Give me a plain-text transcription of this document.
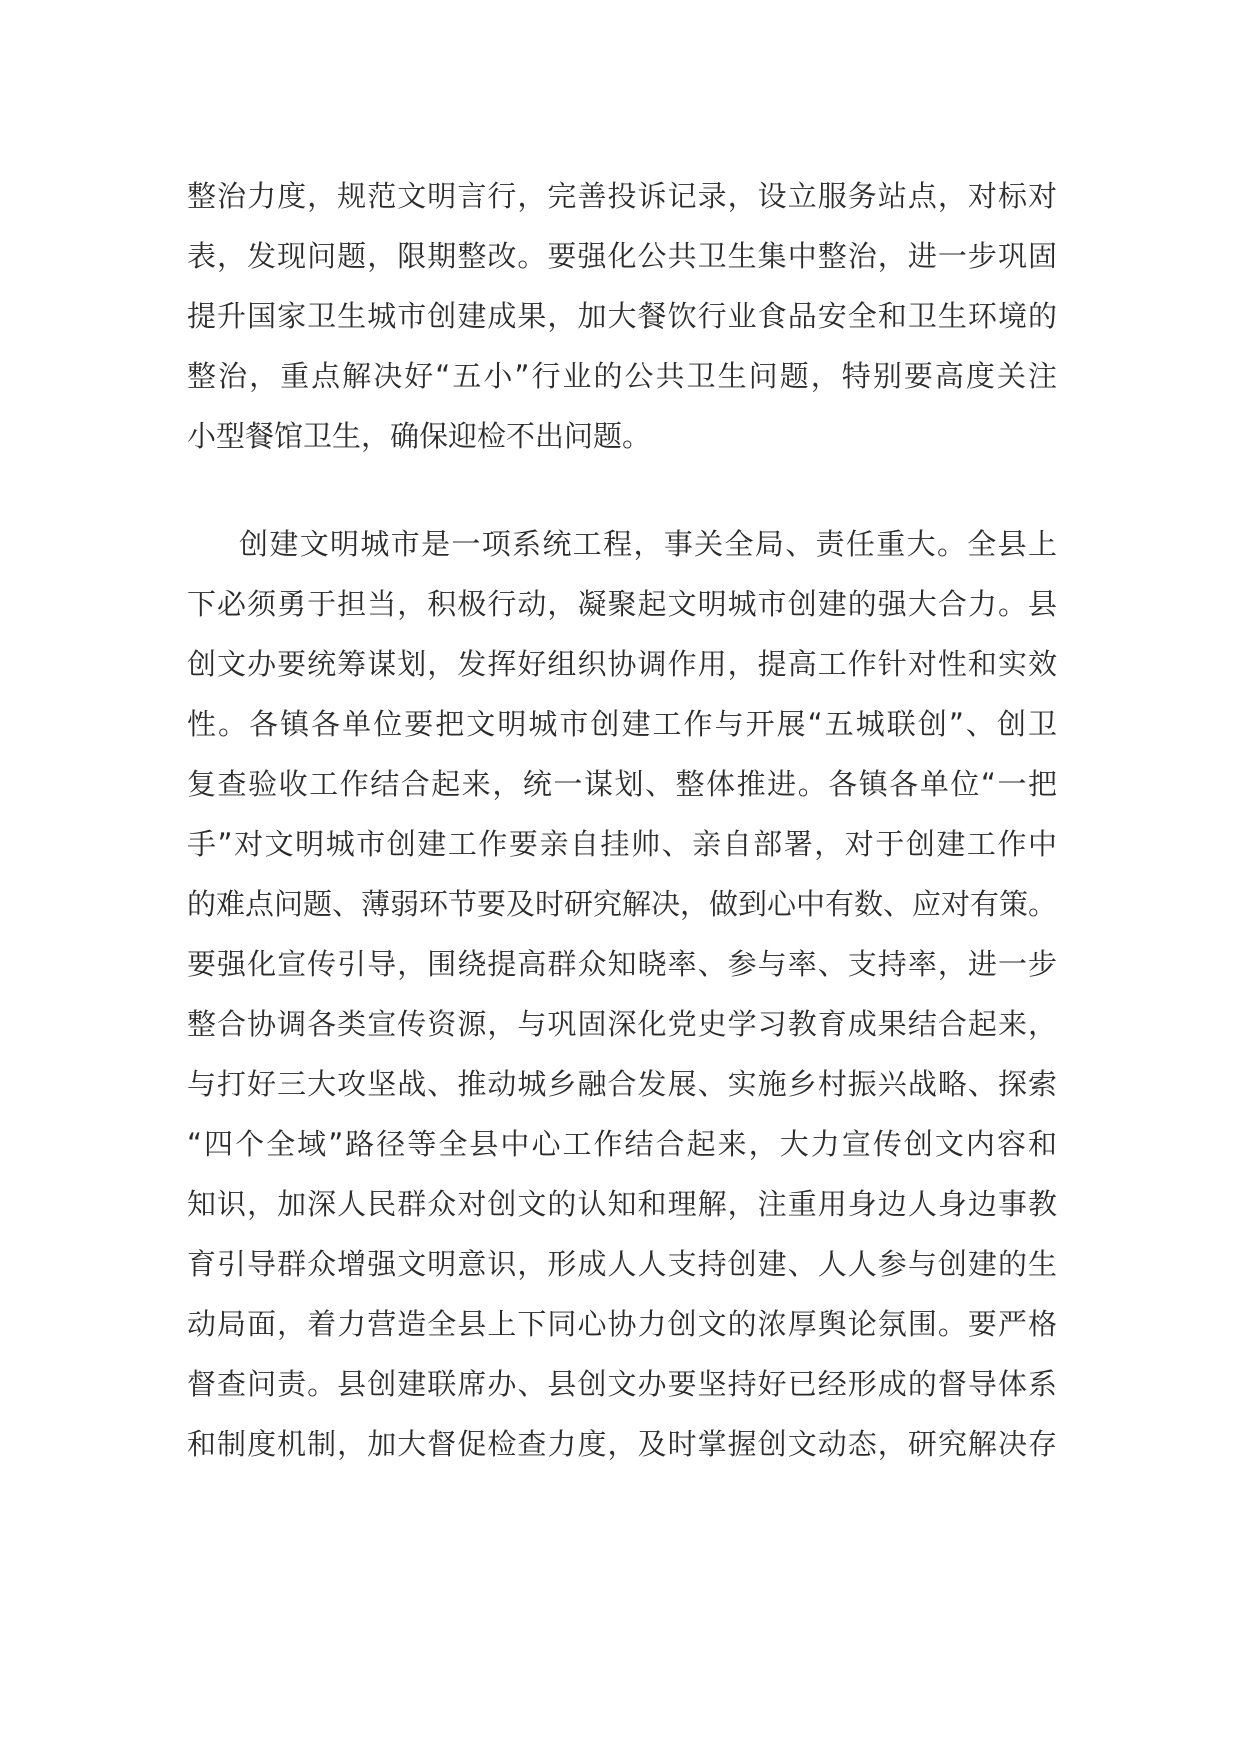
整治力度，规范文明言行，完善投诉记录，设立服务站点，对标对
表，发现问题，限期整改。要强化公共卫生集中整治，进一步巩固
提升国家卫生城市创建成果，加大餐饮行业食品安全和卫生环境的
整治，重点解决好“五小”行业的公共卫生问题，特别要高度关注
小型餐馆卫生，确保迎检不出问题。
创建文明城市是一项系统工程，事关全局、责任重大。全县上
下必须勇于担当，积极行动，凝聚起文明城市创建的强大合力。县
创文办要统筹谋划，发挥好组织协调作用，提高工作针对性和实效
性。各镇各单位要把文明城市创建工作与开展“五城联创”、创卫
复查验收工作结合起来，统一谋划、整体推进。各镇各单位“一把
手”对文明城市创建工作要亲自挂帅、亲自部署，对于创建工作中
的难点问题、薄弱环节要及时研究解决，做到心中有数、应对有策。
要强化宣传引导，围绕提高群众知晓率、参与率、支持率，进一步
整合协调各类宣传资源，与巩固深化党史学习教育成果结合起来，
与打好三大攻坚战、推动城乡融合发展、实施乡村振兴战略、探索
“四个全域”路径等全县中心工作结合起来，大力宣传创文内容和
知识，加深人民群众对创文的认知和理解，注重用身边人身边事教
育引导群众增强文明意识，形成人人支持创建、人人参与创建的生
动局面，着力营造全县上下同心协力创文的浓厚舆论氛围。要严格
督查问责。县创建联席办、县创文办要坚持好已经形成的督导体系
和制度机制，加大督促检查力度，及时掌握创文动态，研究解决存
